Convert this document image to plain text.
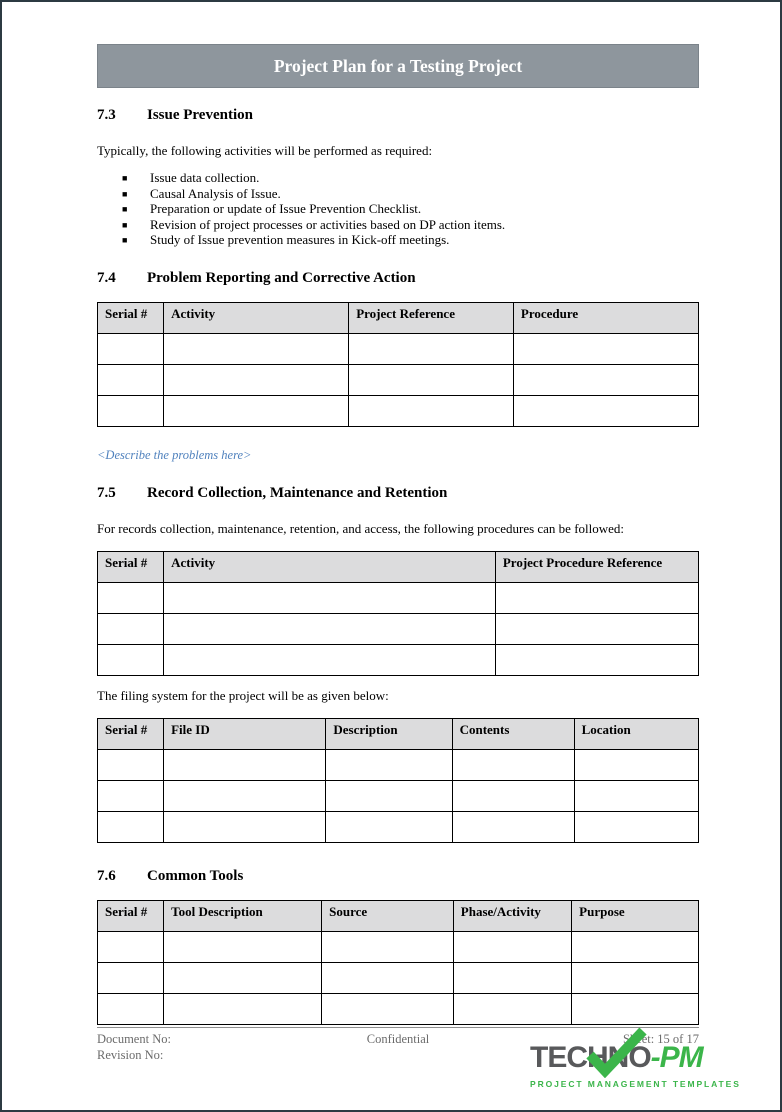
Project Plan for a Testing Project
7.3	Issue Prevention

Typically, the following activities will be performed as required:

■ Issue data collection.
■ Causal Analysis of Issue.
■ Preparation or update of Issue Prevention Checklist.
■ Revision of project processes or activities based on DP action items.
■ Study of Issue prevention measures in Kick-off meetings.
7.4	Problem Reporting and Corrective Action
Serial #	Activity	Project Reference	Procedure

<Describe the problems here>

7.5	Record Collection, Maintenance and Retention

For records collection, maintenance, retention, and access, the following procedures can be followed:

Serial #	Activity	Project Procedure Reference

The filing system for the project will be as given below:

Serial #	File ID	Description	Contents	Location

7.6	Common Tools
Serial #	Tool Description	Source	Phase/Activity	Purpose

Document No:
Revision No:
Confidential	Sheet: 15 of 17
TECHNO-PM
PROJECT MANAGEMENT TEMPLATES
